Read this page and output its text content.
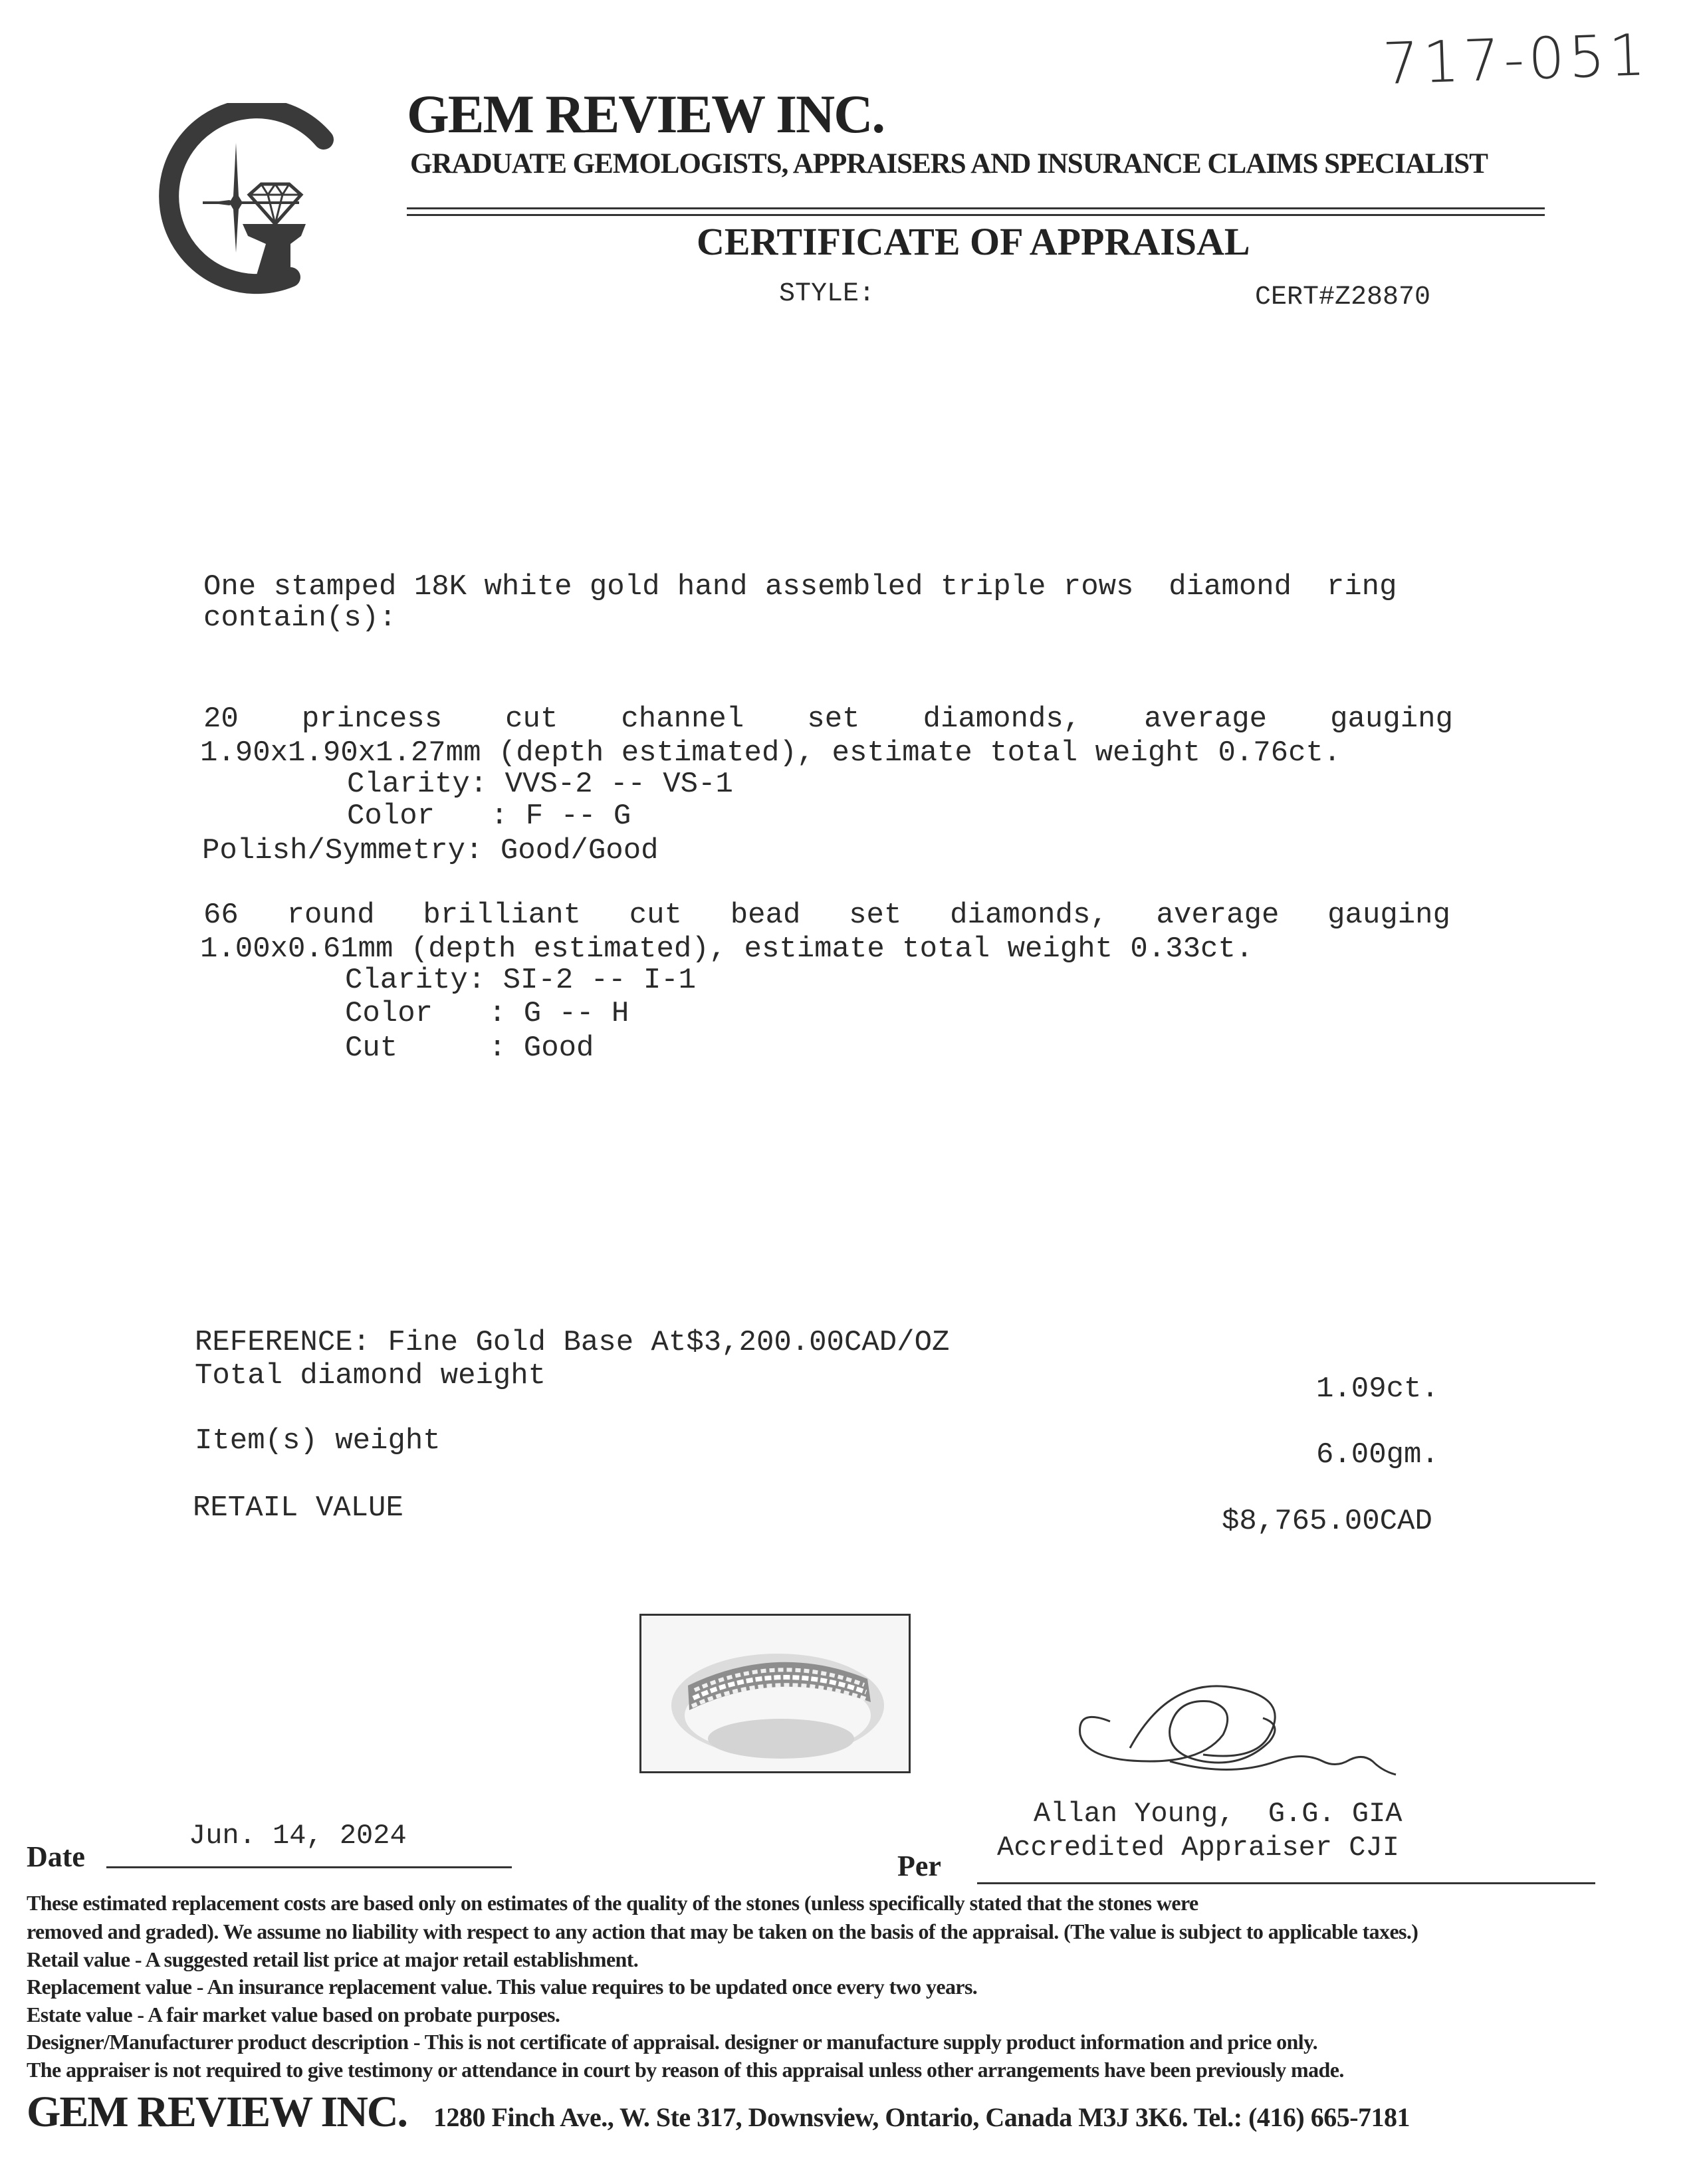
717-051
GEM REVIEW INC.
GRADUATE GEMOLOGISTS, APPRAISERS AND INSURANCE CLAIMS SPECIALIST
CERTIFICATE OF APPRAISAL
STYLE:	CERT#Z28870
One stamped 18K white gold hand assembled triple rows  diamond  ring
contain(s):
20 princess cut channel set diamonds, average gauging
1.90x1.90x1.27mm (depth estimated), estimate total weight 0.76ct.
Clarity: VVS-2 -- VS-1
Color : F -- G
Polish/Symmetry: Good/Good
66 round brilliant cut bead set diamonds, average gauging
1.00x0.61mm (depth estimated), estimate total weight 0.33ct.
Clarity: SI-2 -- I-1
Color : G -- H
Cut	: Good
REFERENCE: Fine Gold Base At$3,200.00CAD/OZ
Total diamond weight	1.09ct.
Item(s) weight	6.00gm.
RETAIL VALUE	$8,765.00CAD
Date
Jun. 14, 2024
Per
Allan Young,  G.G. GIA
Accredited Appraiser CJI
These estimated replacement costs are based only on estimates of the quality of the stones (unless specifically stated that the stones were
removed and graded). We assume no liability with respect to any action that may be taken on the basis of the appraisal. (The value is subject to applicable taxes.)
Retail value - A suggested retail list price at major retail establishment.
Replacement value - An insurance replacement value. This value requires to be updated once every two years.
Estate value - A fair market value based on probate purposes.
Designer/Manufacturer product description - This is not certificate of appraisal. designer or manufacture supply product information and price only.
The appraiser is not required to give testimony or attendance in court by reason of this appraisal unless other arrangements have been previously made.
GEM REVIEW INC. 1280 Finch Ave., W. Ste 317, Downsview, Ontario, Canada M3J 3K6. Tel.: (416) 665-7181
